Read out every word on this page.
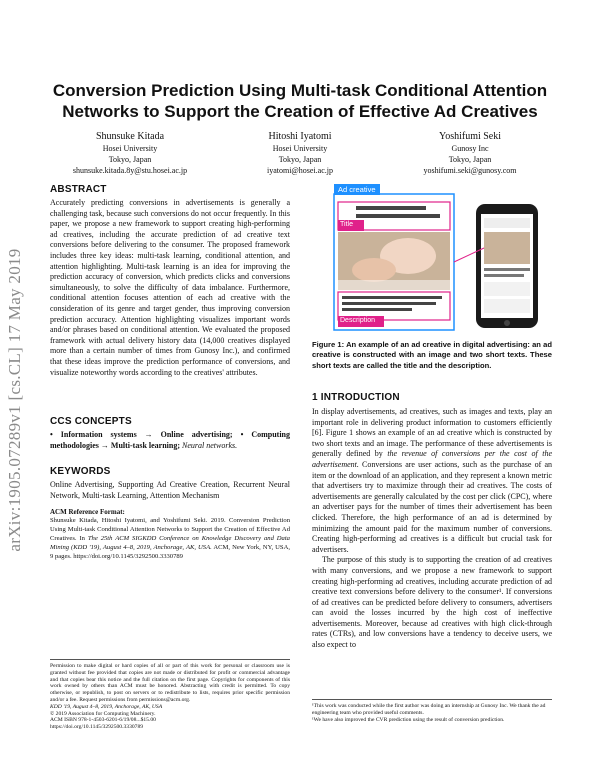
arXiv:1905.07289v1 [cs.CL] 17 May 2019
Conversion Prediction Using Multi-task Conditional Attention
Networks to Support the Creation of Effective Ad Creatives
Shunsuke Kitada
Hosei University
Tokyo, Japan
shunsuke.kitada.8y@stu.hosei.ac.jp
Hitoshi Iyatomi
Hosei University
Tokyo, Japan
iyatomi@hosei.ac.jp
Yoshifumi Seki
Gunosy Inc
Tokyo, Japan
yoshifumi.seki@gunosy.com
ABSTRACT
Accurately predicting conversions in advertisements is generally a challenging task, because such conversions do not occur frequently. In this paper, we propose a new framework to support creating high-performing ad creatives, including the accurate prediction of ad creative text conversions before delivering to the consumer. The proposed framework includes three key ideas: multi-task learning, conditional attention, and attention highlighting. Multi-task learning is an idea for improving the prediction accuracy of conversion, which predicts clicks and conversions simultaneously, to solve the difficulty of data imbalance. Furthermore, conditional attention focuses attention of each ad creative with the consideration of its genre and target gender, thus improving conversion prediction accuracy. Attention highlighting visualizes important words and/or phrases based on conditional attention. We evaluated the proposed framework with actual delivery history data (14,000 creatives displayed more than a certain number of times from Gunosy Inc.), and confirmed that these ideas improve the prediction performance of conversions, and visualize noteworthy words according to the creatives' attributes.
CCS CONCEPTS
• Information systems → Online advertising; • Computing methodologies → Multi-task learning; Neural networks.
KEYWORDS
Online Advertising, Supporting Ad Creative Creation, Recurrent Neural Network, Multi-task Learning, Attention Mechanism
ACM Reference Format:
Shunsuke Kitada, Hitoshi Iyatomi, and Yoshifumi Seki. 2019. Conversion Prediction Using Multi-task Conditional Attention Networks to Support the Creation of Effective Ad Creatives. In The 25th ACM SIGKDD Conference on Knowledge Discovery and Data Mining (KDD '19), August 4–8, 2019, Anchorage, AK, USA. ACM, New York, NY, USA, 9 pages. https://doi.org/10.1145/3292500.3330789
Permission to make digital or hard copies of all or part of this work for personal or classroom use is granted without fee provided that copies are not made or distributed for profit or commercial advantage and that copies bear this notice and the full citation on the first page. Copyrights for components of this work owned by others than ACM must be honored. Abstracting with credit is permitted. To copy otherwise, or republish, to post on servers or to redistribute to lists, requires prior specific permission and/or a fee. Request permissions from permissions@acm.org.
KDD '19, August 4–8, 2019, Anchorage, AK, USA
© 2019 Association for Computing Machinery.
ACM ISBN 978-1-4503-6201-6/19/08...$15.00
https://doi.org/10.1145/3292500.3330789
Ad creative
Title
Description
Figure 1: An example of an ad creative in digital advertising: an ad creative is constructed with an image and two short texts. These short texts are called the title and the description.
1 INTRODUCTION
In display advertisements, ad creatives, such as images and texts, play an important role in delivering product information to customers efficiently [6]. Figure 1 shows an example of an ad creative which is constructed by two short texts and an image. The performance of these advertisements is generally defined by the revenue of conversions per the cost of the advertisement. Conversions are user actions, such as the purchase of an item or the download of an application, and they represent a known metric that advertisers try to maximize through their ad creatives. The costs of advertisements are generally calculated by the cost per click (CPC), where an advertiser pays for the number of times their advertisement has been clicked. Therefore, the high performance of an ad is determined by minimizing the amount paid for the maximum number of conversions. Creating high-performing ad creatives is a difficult but crucial task for advertisers.
The purpose of this study is to supporting the creation of ad creatives with many conversions, and we propose a new framework to support creating high-performing ad creatives, including accurate prediction of ad creative text conversions before delivery to the consumer¹. If conversions of ad creatives can be predicted before delivery to consumers, advertisers can avoid the losses incurred by the high cost of ineffective advertisements. Moreover, because ad creatives with high click-through rates (CTRs), and low conversions have a tendency to deceive users, we also expect to
¹This work was conducted while the first author was doing an internship at Gunosy Inc. We thank the ad engineering team who provided useful comments.
¹We have also improved the CVR prediction using the result of conversion prediction.
